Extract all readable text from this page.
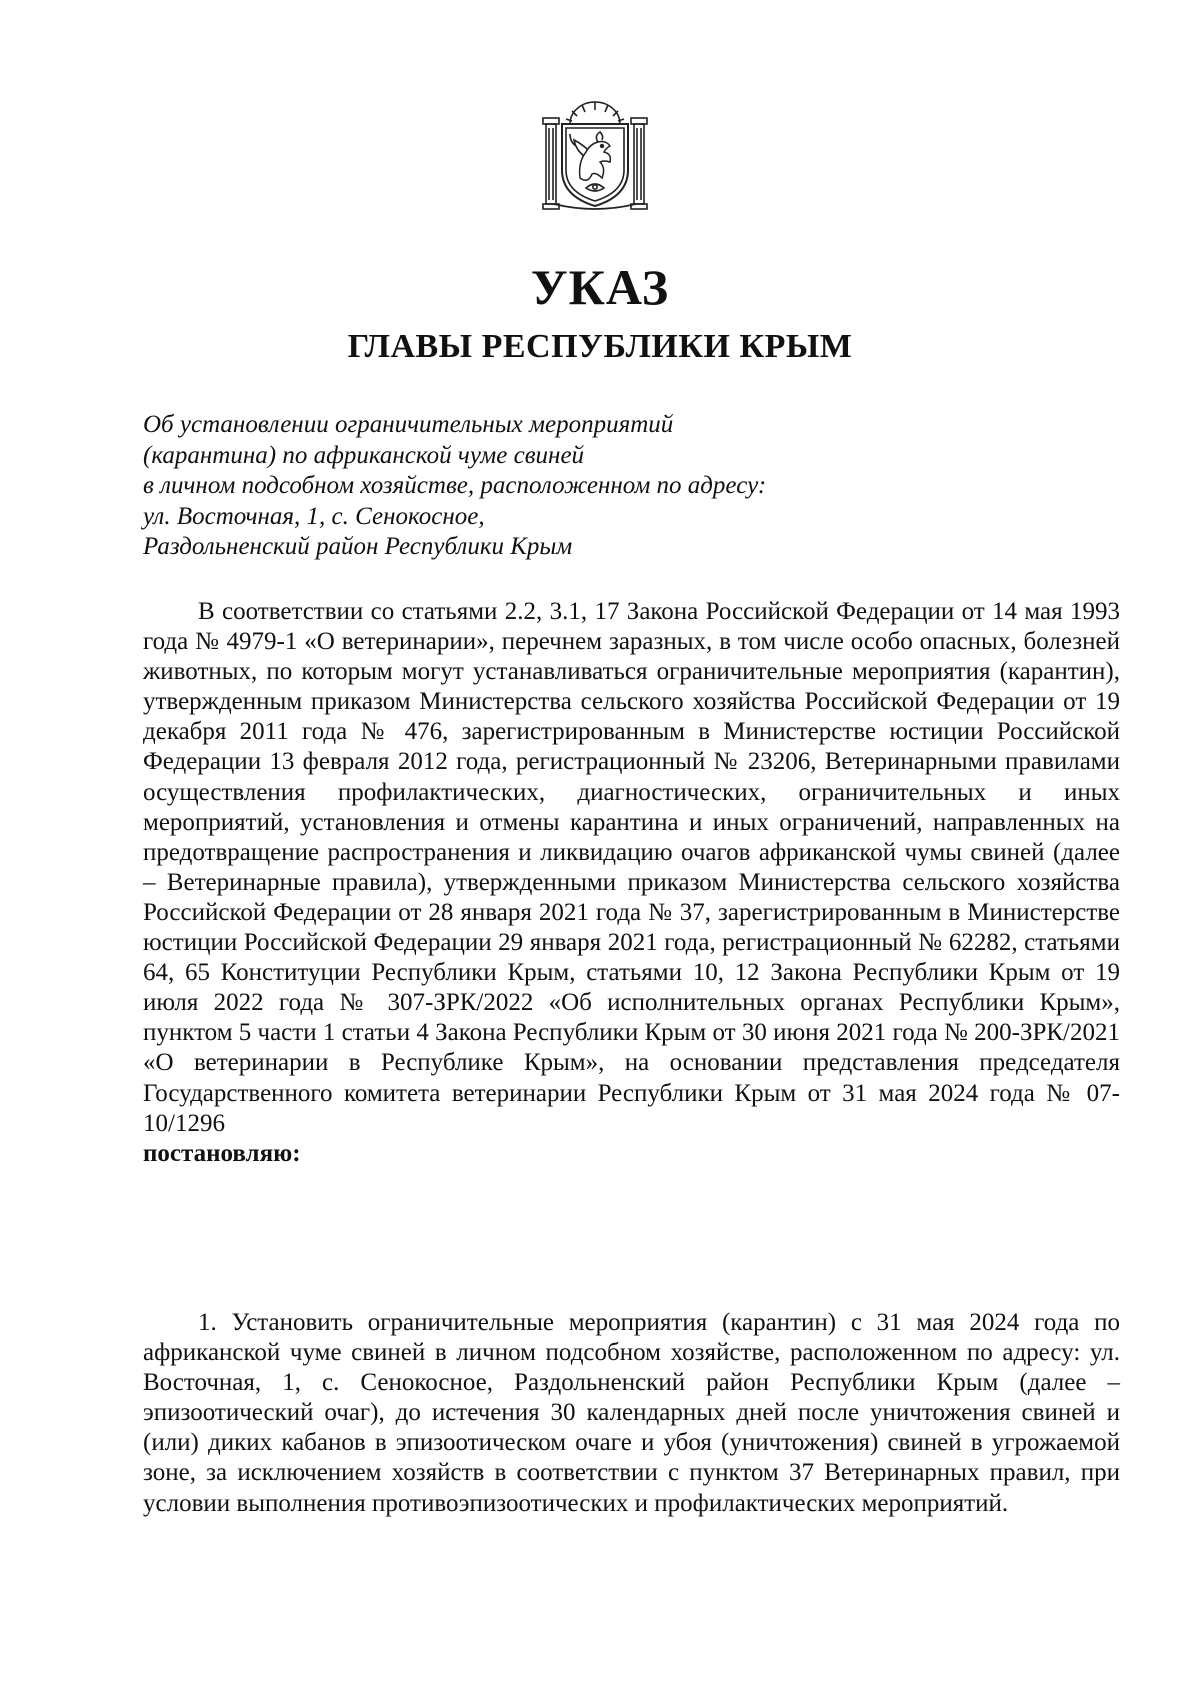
УКАЗ
ГЛАВЫ РЕСПУБЛИКИ КРЫМ
Об установлении ограничительных мероприятий
(карантина) по африканской чуме свиней
в личном подсобном хозяйстве, расположенном по адресу:
ул. Восточная, 1, с. Сенокосное,
Раздольненский район Республики Крым

В соответствии со статьями 2.2, 3.1, 17 Закона Российской Федерации от 14 мая 1993 года № 4979-1 «О ветеринарии», перечнем заразных, в том числе особо опасных, болезней животных, по которым могут устанавливаться ограничительные мероприятия (карантин), утвержденным приказом Министерства сельского хозяйства Российской Федерации от 19 декабря 2011 года № 476, зарегистрированным в Министерстве юстиции Российской Федерации 13 февраля 2012 года, регистрационный № 23206, Ветеринарными правилами осуществления профилактических, диагностических, ограничительных и иных мероприятий, установления и отмены карантина и иных ограничений, направленных на предотвращение распространения и ликвидацию очагов африканской чумы свиней (далее – Ветеринарные правила), утвержденными приказом Министерства сельского хозяйства Российской Федерации от 28 января 2021 года № 37, зарегистрированным в Министерстве юстиции Российской Федерации 29 января 2021 года, регистрационный № 62282, статьями 64, 65 Конституции Республики Крым, статьями 10, 12 Закона Республики Крым от 19 июля 2022 года № 307-ЗРК/2022 «Об исполнительных органах Республики Крым», пунктом 5 части 1 статьи 4 Закона Республики Крым от 30 июня 2021 года № 200-ЗРК/2021 «О ветеринарии в Республике Крым», на основании представления председателя Государственного комитета ветеринарии Республики Крым от 31 мая 2024 года № 07-10/1296

постановляю:

1. Установить ограничительные мероприятия (карантин) с 31 мая 2024 года по африканской чуме свиней в личном подсобном хозяйстве, расположенном по адресу: ул. Восточная, 1, с. Сенокосное, Раздольненский район Республики Крым (далее – эпизоотический очаг), до истечения 30 календарных дней после уничтожения свиней и (или) диких кабанов в эпизоотическом очаге и убоя (уничтожения) свиней в угрожаемой зоне, за исключением хозяйств в соответствии с пунктом 37 Ветеринарных правил, при условии выполнения противоэпизоотических и профилактических мероприятий.
